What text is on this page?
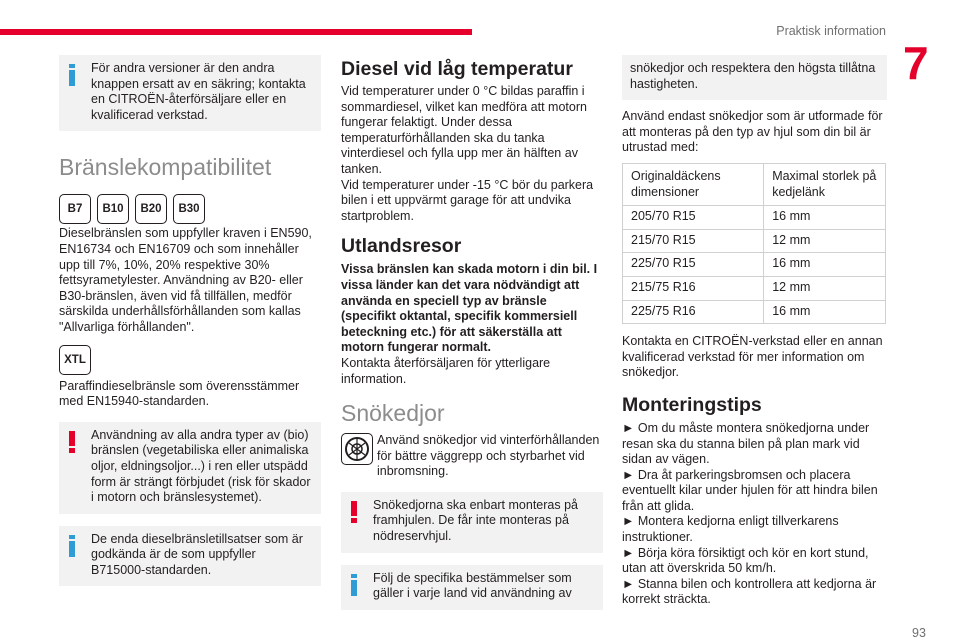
Praktisk information
7
För andra versioner är den andra knappen ersatt av en säkring; kontakta en CITROËN-återförsäljare eller en kvalificerad verkstad.
Bränslekompatibilitet
B7	B10	B20	B30

Dieselbränslen som uppfyller kraven i EN590, EN16734 och EN16709 och som innehåller upp till 7%, 10%, 20% respektive 30% fettsyrametylester. Användning av B20- eller B30-bränslen, även vid få tillfällen, medför särskilda underhållsförhållanden som kallas "Allvarliga förhållanden".

XTL

Paraffindieselbränsle som överensstämmer med EN15940-standarden.

Användning av alla andra typer av (bio) bränslen (vegetabiliska eller animaliska oljor, eldningsoljor...) i ren eller utspädd form är strängt förbjudet (risk för skador i motorn och bränslesystemet).
De enda dieselbränsletillsatser som är godkända är de som uppfyller B715000-standarden.
Diesel vid låg temperatur

Vid temperaturer under 0 °C bildas paraffin i sommardiesel, vilket kan medföra att motorn fungerar felaktigt. Under dessa temperaturförhållanden ska du tanka vinterdiesel och fylla upp mer än hälften av tanken.

Vid temperaturer under -15 °C bör du parkera bilen i ett uppvärmt garage för att undvika startproblem.

Utlandsresor

Vissa bränslen kan skada motorn i din bil. I vissa länder kan det vara nödvändigt att använda en speciell typ av bränsle (specifikt oktantal, specifik kommersiell beteckning etc.) för att säkerställa att motorn fungerar normalt.

Kontakta återförsäljaren för ytterligare information.

Snökedjor

Använd snökedjor vid vinterförhållanden för bättre väggrepp och styrbarhet vid inbromsning.

Snökedjorna ska enbart monteras på framhjulen. De får inte monteras på nödreservhjul.
Följ de specifika bestämmelser som gäller i varje land vid användning av
snökedjor och respektera den högsta tillåtna hastigheten.

Använd endast snökedjor som är utformade för att monteras på den typ av hjul som din bil är utrustad med:

Originaldäckens dimensioner	Maximal storlek på kedjelänk
205/70 R15	16 mm
215/70 R15	12 mm
225/70 R15	16 mm
215/75 R16	12 mm
225/75 R16	16 mm

Kontakta en CITROËN-verkstad eller en annan kvalificerad verkstad för mer information om snökedjor.

Monteringstips

► Om du måste montera snökedjorna under resan ska du stanna bilen på plan mark vid sidan av vägen.

► Dra åt parkeringsbromsen och placera eventuellt kilar under hjulen för att hindra bilen från att glida.

► Montera kedjorna enligt tillverkarens instruktioner.

► Börja köra försiktigt och kör en kort stund, utan att överskrida 50 km/h.

► Stanna bilen och kontrollera att kedjorna är korrekt sträckta.

93
